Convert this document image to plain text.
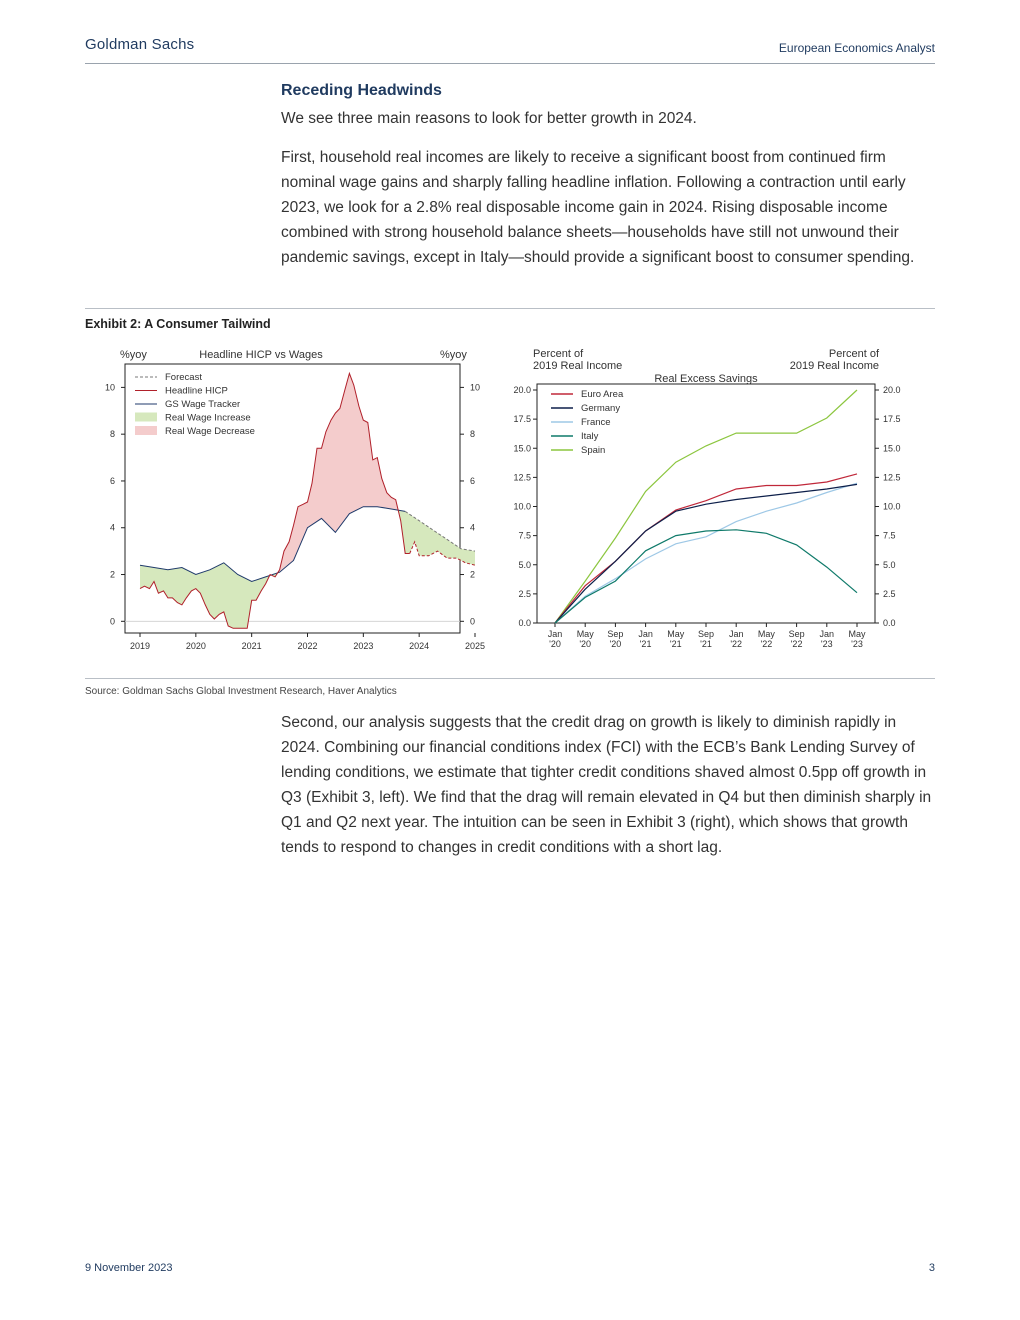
Goldman Sachs	European Economics Analyst
Receding Headwinds

We see three main reasons to look for better growth in 2024.

First, household real incomes are likely to receive a significant boost from continued firm nominal wage gains and sharply falling headline inflation. Following a contraction until early 2023, we look for a 2.8% real disposable income gain in 2024. Rising disposable income combined with strong household balance sheets—households have still not unwound their pandemic savings, except in Italy—should provide a significant boost to consumer spending.

Exhibit 2: A Consumer Tailwind
Headline HICP vs Wages
%yoy	%yoy
0	0
2	2
4	4
6	6
8	8
10	10
2019	2020	2021	2022	2023	2024	2025
Forecast
Headline HICP
GS Wage Tracker
Real Wage Increase
Real Wage Decrease
Percent of
2019 Real Income
Percent of
2019 Real Income
Real Excess Savings
0.0	0.0
2.5	2.5
5.0	5.0
7.5	7.5
10.0	10.0
12.5	12.5
15.0	15.0
17.5	17.5
20.0	20.0
Jan
'20
May
'20
Sep
'20
Jan
'21
May
'21
Sep
'21
Jan
'22
May
'22
Sep
'22
Jan
'23
May
'23
Euro Area
Germany
France
Italy
Spain
Source: Goldman Sachs Global Investment Research, Haver Analytics

Second, our analysis suggests that the credit drag on growth is likely to diminish rapidly in 2024. Combining our financial conditions index (FCI) with the ECB’s Bank Lending Survey of lending conditions, we estimate that tighter credit conditions shaved almost 0.5pp off growth in Q3 (Exhibit 3, left). We find that the drag will remain elevated in Q4 but then diminish sharply in Q1 and Q2 next year. The intuition can be seen in Exhibit 3 (right), which shows that growth tends to respond to changes in credit conditions with a short lag.

9 November 2023	3
